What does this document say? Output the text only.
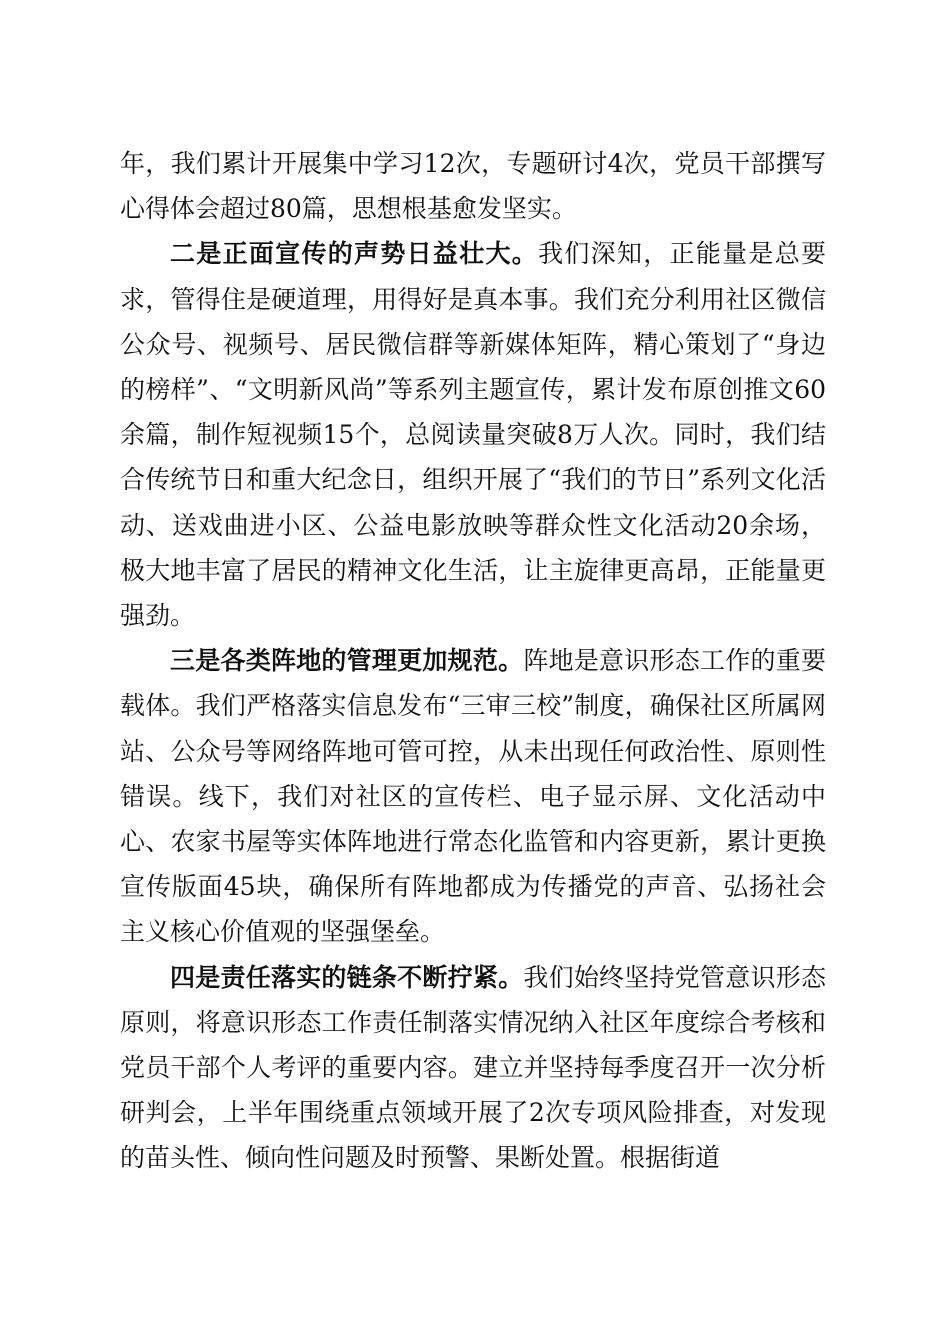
年，我们累计开展集中学习12次，专题研讨4次，党员干部撰写心得体会超过80篇，思想根基愈发坚实。

二是正面宣传的声势日益壮大。我们深知，正能量是总要求，管得住是硬道理，用得好是真本事。我们充分利用社区微信公众号、视频号、居民微信群等新媒体矩阵，精心策划了“身边的榜样”、“文明新风尚”等系列主题宣传，累计发布原创推文60余篇，制作短视频15个，总阅读量突破8万人次。同时，我们结合传统节日和重大纪念日，组织开展了“我们的节日”系列文化活动、送戏曲进小区、公益电影放映等群众性文化活动20余场，极大地丰富了居民的精神文化生活，让主旋律更高昂，正能量更强劲。

三是各类阵地的管理更加规范。阵地是意识形态工作的重要载体。我们严格落实信息发布“三审三校”制度，确保社区所属网站、公众号等网络阵地可管可控，从未出现任何政治性、原则性错误。线下，我们对社区的宣传栏、电子显示屏、文化活动中心、农家书屋等实体阵地进行常态化监管和内容更新，累计更换宣传版面45块，确保所有阵地都成为传播党的声音、弘扬社会主义核心价值观的坚强堡垒。

四是责任落实的链条不断拧紧。我们始终坚持党管意识形态原则，将意识形态工作责任制落实情况纳入社区年度综合考核和党员干部个人考评的重要内容。建立并坚持每季度召开一次分析研判会，上半年围绕重点领域开展了2次专项风险排查，对发现的苗头性、倾向性问题及时预警、果断处置。根据街道
